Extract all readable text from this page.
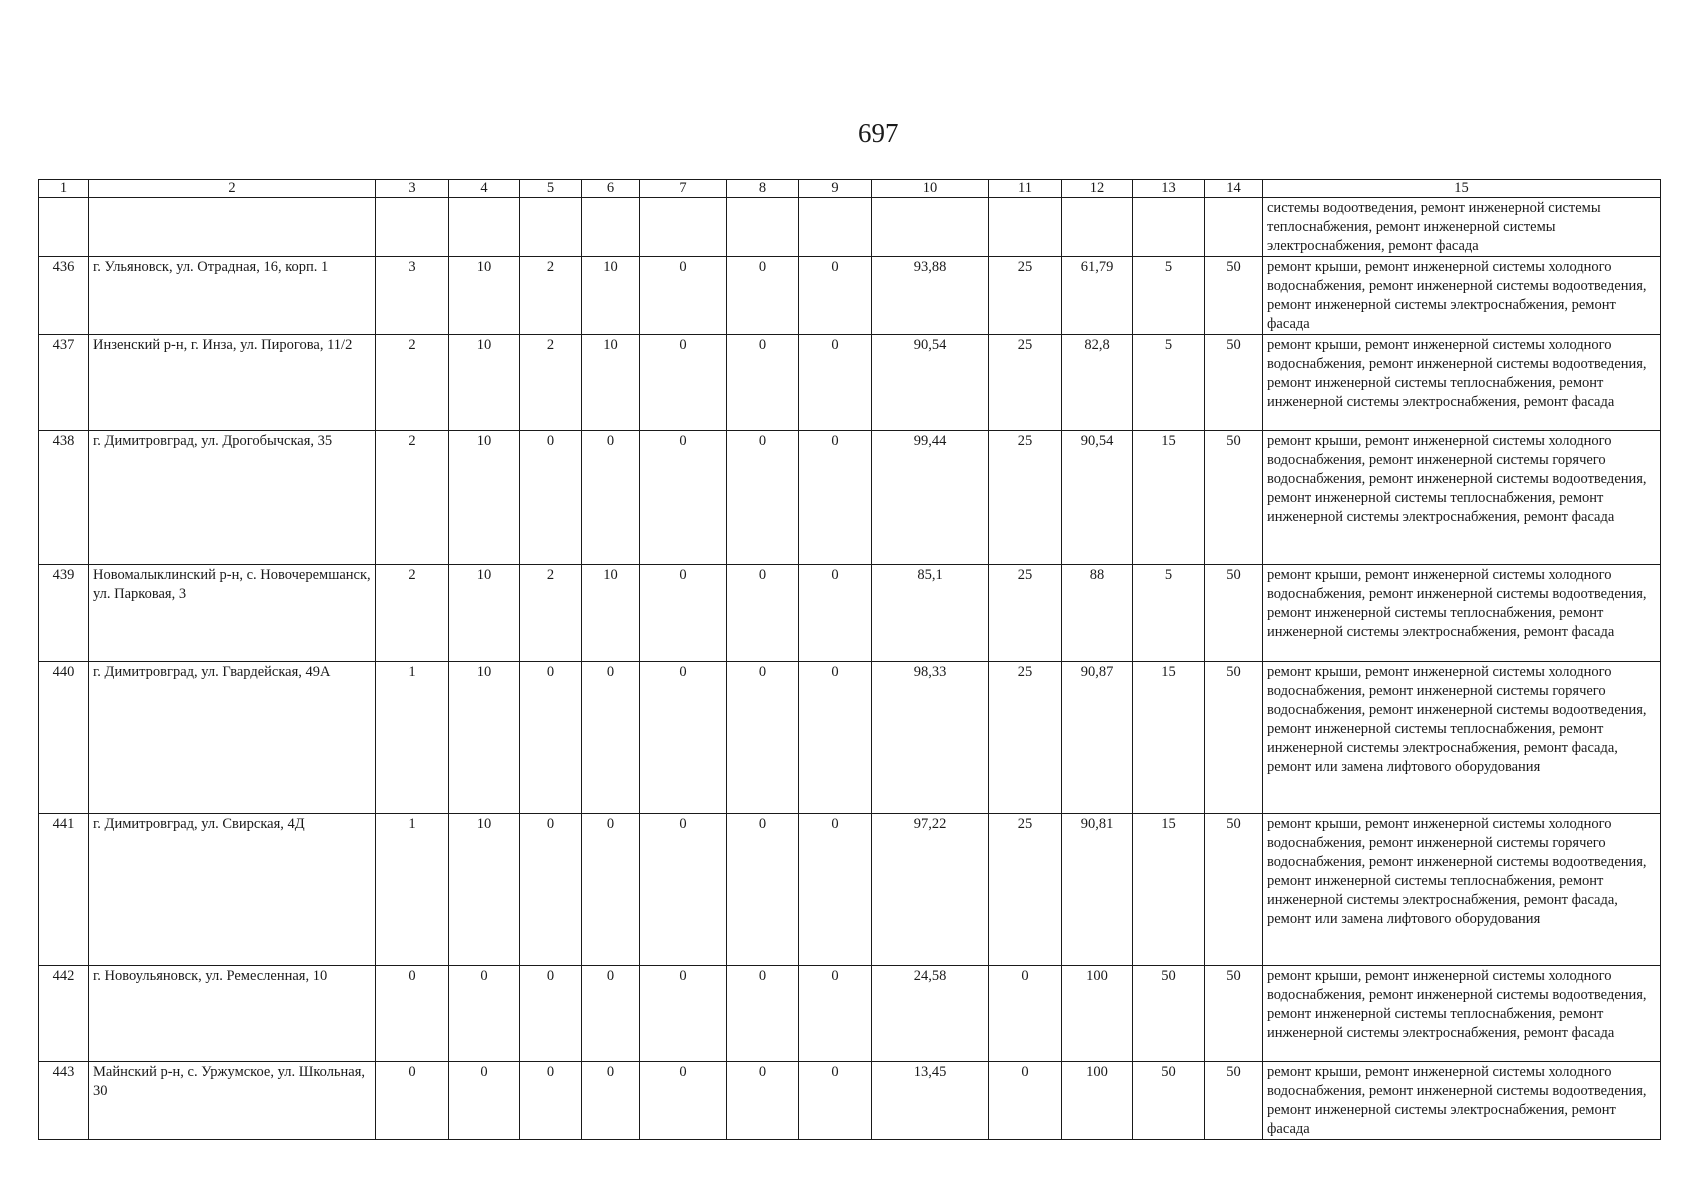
697
1	2	3	4	5	6	7	8	9	10	11	12	13	14	15
														системы водоотведения, ремонт инженерной системы теплоснабжения, ремонт инженерной системы электроснабжения, ремонт фасада
436	г. Ульяновск, ул. Отрадная, 16, корп. 1	3	10	2	10	0	0	0	93,88	25	61,79	5	50	ремонт крыши, ремонт инженерной системы холодного водоснабжения, ремонт инженерной системы водоотведения, ремонт инженерной системы электроснабжения, ремонт фасада
437	Инзенский р-н, г. Инза, ул. Пирогова, 11/2	2	10	2	10	0	0	0	90,54	25	82,8	5	50	ремонт крыши, ремонт инженерной системы холодного водоснабжения, ремонт инженерной системы водоотведения, ремонт инженерной системы теплоснабжения, ремонт инженерной системы электроснабжения, ремонт фасада
438	г. Димитровград, ул. Дрогобычская, 35	2	10	0	0	0	0	0	99,44	25	90,54	15	50	ремонт крыши, ремонт инженерной системы холодного водоснабжения, ремонт инженерной системы горячего водоснабжения, ремонт инженерной системы водоотведения, ремонт инженерной системы теплоснабжения, ремонт инженерной системы электроснабжения, ремонт фасада
439	Новомалыклинский р-н, с. Новочеремшанск, ул. Парковая, 3	2	10	2	10	0	0	0	85,1	25	88	5	50	ремонт крыши, ремонт инженерной системы холодного водоснабжения, ремонт инженерной системы водоотведения, ремонт инженерной системы теплоснабжения, ремонт инженерной системы электроснабжения, ремонт фасада
440	г. Димитровград, ул. Гвардейская, 49А	1	10	0	0	0	0	0	98,33	25	90,87	15	50	ремонт крыши, ремонт инженерной системы холодного водоснабжения, ремонт инженерной системы горячего водоснабжения, ремонт инженерной системы водоотведения, ремонт инженерной системы теплоснабжения, ремонт инженерной системы электроснабжения, ремонт фасада, ремонт или замена лифтового оборудования
441	г. Димитровград, ул. Свирская, 4Д	1	10	0	0	0	0	0	97,22	25	90,81	15	50	ремонт крыши, ремонт инженерной системы холодного водоснабжения, ремонт инженерной системы горячего водоснабжения, ремонт инженерной системы водоотведения, ремонт инженерной системы теплоснабжения, ремонт инженерной системы электроснабжения, ремонт фасада, ремонт или замена лифтового оборудования
442	г. Новоульяновск, ул. Ремесленная, 10	0	0	0	0	0	0	0	24,58	0	100	50	50	ремонт крыши, ремонт инженерной системы холодного водоснабжения, ремонт инженерной системы водоотведения, ремонт инженерной системы теплоснабжения, ремонт инженерной системы электроснабжения, ремонт фасада
443	Майнский р-н, с. Уржумское, ул. Школьная, 30	0	0	0	0	0	0	0	13,45	0	100	50	50	ремонт крыши, ремонт инженерной системы холодного водоснабжения, ремонт инженерной системы водоотведения, ремонт инженерной системы электроснабжения, ремонт фасада
